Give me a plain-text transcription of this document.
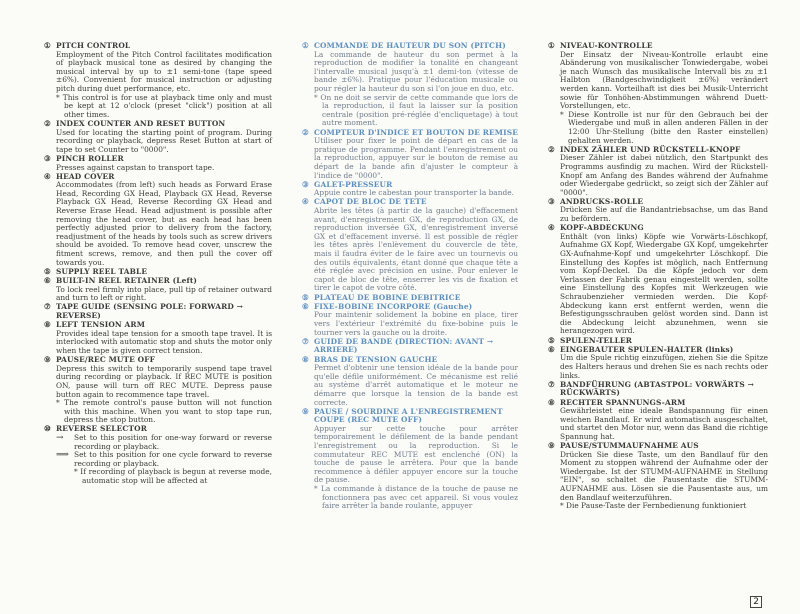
① PITCH CONTROL
Employment of the Pitch Control facilitates modification of playback musical tone as desired by changing the musical interval by up to ±1 semi-tone (tape speed ±6%). Convenient for musical instruction or adjusting pitch during duet performance, etc.
* This control is for use at playback time only and must be kept at 12 o'clock (preset "click") position at all other times.
② INDEX COUNTER AND RESET BUTTON
Used for locating the starting point of program. During recording or playback, depress Reset Button at start of tape to set Counter to "0000".
③ PINCH ROLLER
Presses against capstan to transport tape.
④ HEAD COVER
Accommodates (from left) such heads as Forward Erase Head, Recording GX Head, Playback GX Head, Reverse Playback GX Head, Reverse Recording GX Head and Reverse Erase Head. Head adjustment is possible after removing the head cover, but as each head has been perfectly adjusted prior to delivery from the factory, readjustment of the heads by tools such as screw drivers should be avoided. To remove head cover, unscrew the fitment screws, remove, and then pull the cover off towards you.
⑤ SUPPLY REEL TABLE
⑥ BUILT-IN REEL RETAINER (Left)
To lock reel firmly into place, pull tip of retainer outward and turn to left or right.
⑦ TAPE GUIDE (SENSING POLE: FORWARD → REVERSE)
⑧ LEFT TENSION ARM
Provides ideal tape tension for a smooth tape travel. It is interlocked with automatic stop and shuts the motor only when the tape is given correct tension.
⑨ PAUSE/REC MUTE OFF
Depress this switch to temporarily suspend tape travel during recording or playback. If REC MUTE is position ON, pause will turn off REC MUTE. Depress pause button again to recommence tape travel.
* The remote control's pause button will not function with this machine. When you want to stop tape run, depress the stop button.
⑩ REVERSE SELECTOR
→	Set to this position for one-way forward or reverse recording or playback.
⟹ Set to this position for one cycle forward to reverse recording or playback.
* If recording of playback is begun at reverse mode, automatic stop will be affected at
① COMMANDE DE HAUTEUR DU SON (PITCH)
La commande de hauteur du son permet à la reproduction de modifier la tonalité en changeant l'intervalle musical jusqu'à ±1 demi-ton (vitesse de bande ±6%). Pratique pour l'éducation musicale ou pour régler la hauteur du son si l'on joue en duo, etc.
* On ne doit se servir de cette commande que lors de la reproduction, il faut la laisser sur la position centrale (position pré-réglée d'encliquetage) à tout autre moment.
② COMPTEUR D'INDICE ET BOUTON DE REMISE
Utiliser pour fixer le point de départ en cas de la pratique de programme. Pendant l'enregistrement ou la reproduction, appuyer sur le bouton de remise au départ de la bande afin d'ajuster le compteur à l'indice de "0000".
③ GALET-PRESSEUR
Appuie contre le cabestan pour transporter la bande.
④ CAPOT DE BLOC DE TETE
Abrite les têtes (à partir de la gauche) d'effacement avant, d'enregistrement GX, de reproduction GX, de reproduction inversée GX, d'enregistrement inversé GX et d'effacement inversé. Il est possible de régler les têtes après l'enlèvement du couvercle de tête, mais il faudra éviter de le faire avec un tournevis ou des outils équivalents, étant donné que chaque tête a été réglée avec précision en usine. Pour enlever le capot de bloc de tête, enserrer les vis de fixation et tirer le capot de votre côté.
⑤ PLATEAU DE BOBINE DEBITRICE
⑥ FIXE-BOBINE INCORPORE (Gauche)
Pour maintenir solidement la bobine en place, tirer vers l'extérieur l'extrémité du fixe-bobine puis le tourner vers la gauche ou la droite.
⑦ GUIDE DE BANDE (DIRECTION: AVANT → ARRIERE)
⑧ BRAS DE TENSION GAUCHE
Permet d'obtenir une tension idéale de la bande pour qu'elle défile uniformément. Ce mécanisme est relié au système d'arrêt automatique et le moteur ne démarre que lorsque la tension de la bande est correcte.
⑨ PAUSE / SOURDINE A L'ENREGISTREMENT COUPE (REC MUTE OFF)
Appuyer sur cette touche pour arrêter temporairement le défilement de la bande pendant l'enregistrement ou la reproduction. Si le commutateur REC MUTE est enclenché (ON) la touche de pause le arrêtera. Pour que la bande recommence à défiler appuyer encore sur la touche de pause.
* La commande à distance de la touche de pause ne fonctionnera pas avec cet appareil. Si vous voulez faire arrêter la bande roulante, appuyer
① NIVEAU-KONTROLLE
Der Einsatz der Niveau-Kontrolle erlaubt eine Abänderung von musikalischer Tonwiedergabe, wobei je nach Wunsch das musikalische Intervall bis zu ±1 Halbton (Bandgeschwindigkeit ±6%) verändert werden kann. Vorteilhaft ist dies bei Musik-Unterricht sowie für Tonhöhen-Abstimmungen während Duett-Vorstellungen, etc.
* Diese Kontrolle ist nur für den Gebrauch bei der Wiedergabe und muß in allen anderen Fällen in der 12:00 Uhr-Stellung (bitte den Raster einstellen) gehalten werden.
② INDEX ZÄHLER UND RÜCKSTELL-KNOPF
Dieser Zähler ist dabei nützlich, den Startpunkt des Programms ausfindig zu machen. Wird der Rückstell-Knopf am Anfang des Bandes während der Aufnahme oder Wiedergabe gedrückt, so zeigt sich der Zähler auf "0000".
③ ANDRUCKS-ROLLE
Drücken Sie auf die Bandantriebsachse, um das Band zu befördern.
④ KOPF-ABDECKUNG
Enthält (von links) Köpfe wie Vorwärts-Löschkopf, Aufnahme GX Kopf, Wiedergabe GX Kopf, umgekehrter GX-Aufnahme-Kopf und umgekehrter Löschkopf. Die Einstellung des Kopfes ist möglich, nach Entfernung vom Kopf-Deckel. Da die Köpfe jedoch vor dem Verlassen der Fabrik genau eingestellt werden, sollte eine Einstellung des Kopfes mit Werkzeugen wie Schraubenzieher vermieden werden. Die Kopf-Abdeckung kann erst entfernt werden, wenn die Befestigungsschrauben gelöst worden sind. Dann ist die Abdeckung leicht abzunehmen, wenn sie herangezogen wird.
⑤ SPULEN-TELLER
⑥ EINGEBAUTER SPULEN-HALTER (links)
Um die Spule richtig einzufügen, ziehen Sie die Spitze des Halters heraus und drehen Sie es nach rechts oder links.
⑦ BANDFÜHRUNG (ABTASTPOL: VORWÄRTS → RÜCKWÄRTS)
⑧ RECHTER SPANNUNGS-ARM
Gewährleistet eine ideale Bandspannung für einen weichen Bandlauf. Er wird automatisch ausgeschaltet, und startet den Motor nur, wenn das Band die richtige Spannung hat.
⑨ PAUSE/STUMMAUFNAHME AUS
Drücken Sie diese Taste, um den Bandlauf für den Moment zu stoppen während der Aufnahme oder der Wiedergabe. Ist der STUMM-AUFNAHME in Stellung "EIN", so schaltet die Pausentaste die STUMM-AUFNAHME aus. Lösen sie die Pausentaste aus, um den Bandlauf weiterzuführen.
* Die Pause-Taste der Fernbedienung funktioniert
2
